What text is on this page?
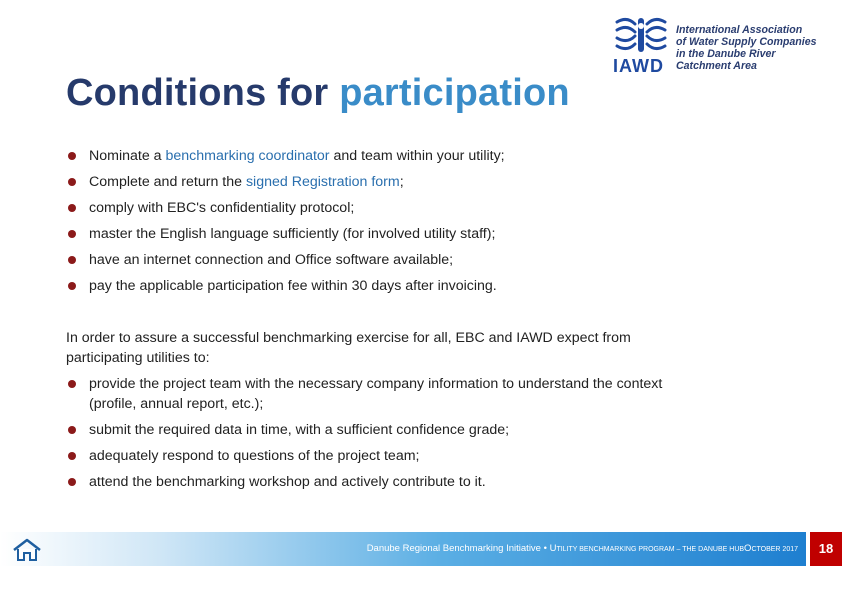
Conditions for participation
IAWD
International Association
of Water Supply Companies
in the Danube River
Catchment Area
Nominate a benchmarking coordinator and team within your utility;
Complete and return the signed Registration form;
comply with EBC's confidentiality protocol;
master the English language sufficiently (for involved utility staff);
have an internet connection and Office software available;
pay the applicable participation fee within 30 days after invoicing.
In order to assure a successful benchmarking exercise for all, EBC and IAWD expect from participating utilities to:
provide the project team with the necessary company information to understand the context (profile, annual report, etc.);
submit the required data in time, with a sufficient confidence grade;
adequately respond to questions of the project team;
attend the benchmarking workshop and actively contribute to it.
Danube Regional Benchmarking Initiative • UTILITY BENCHMARKING PROGRAM – THE DANUBE HUBOCTOBER 2017	18
